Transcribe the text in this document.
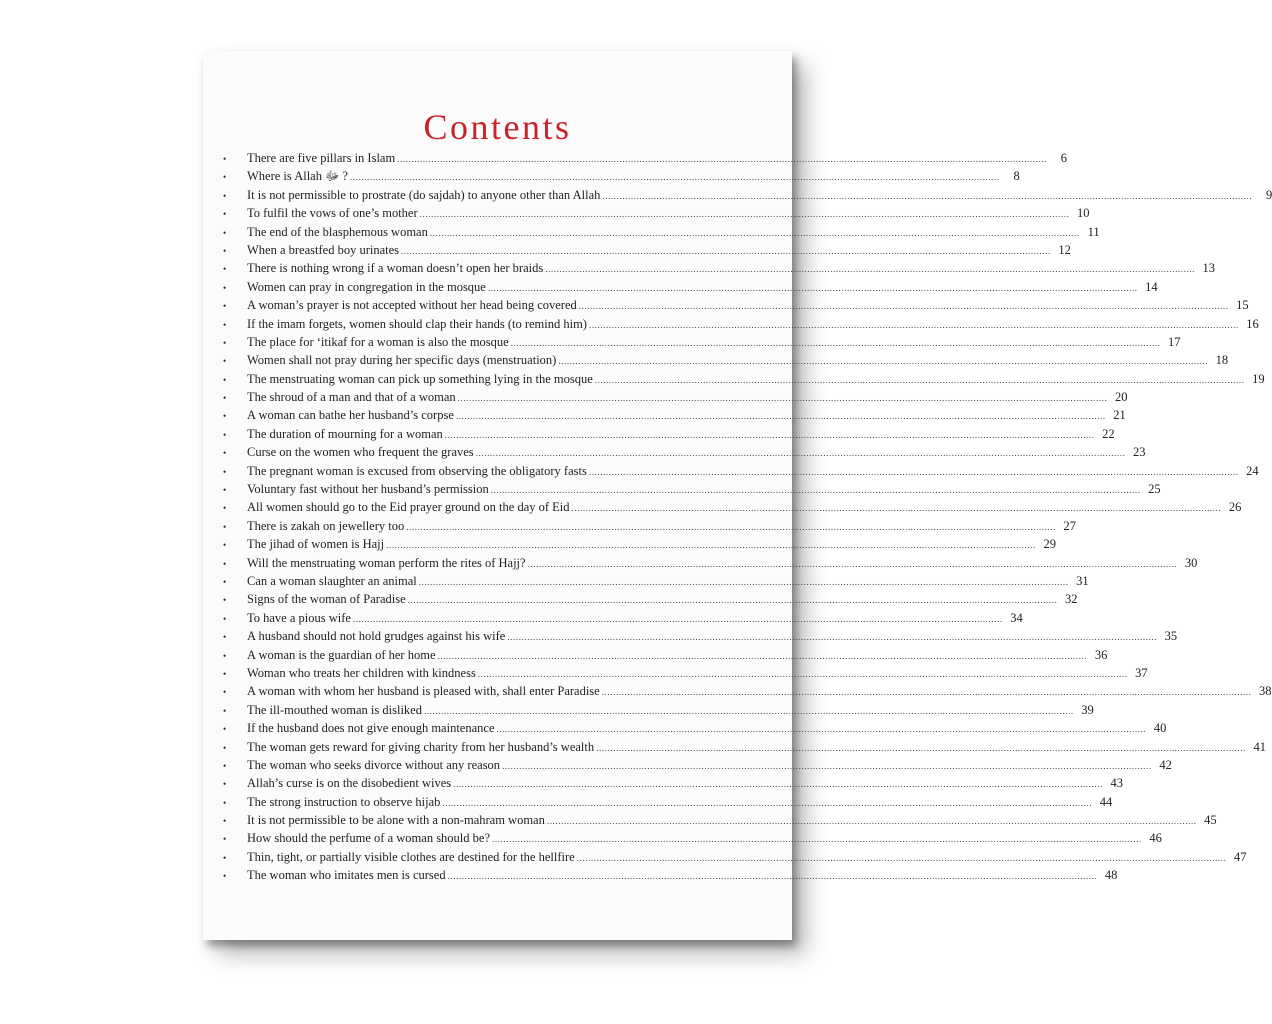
Contents
•	There are five pillars in Islam .....	6
•	Where is Allah ﷻ ? .....	8
•	It is not permissible to prostrate (do sajdah) to anyone other than Allah .....	9
•	To fulfil the vows of one’s mother .....	10
•	The end of the blasphemous woman .....	11
•	When a breastfed boy urinates .....	12
•	There is nothing wrong if a woman doesn’t open her braids .....	13
•	Women can pray in congregation in the mosque .....	14
•	A woman’s prayer is not accepted without her head being covered .....	15
•	If the imam forgets, women should clap their hands (to remind him) .....	16
•	The place for ‘itikaf for a woman is also the mosque .....	17
•	Women shall not pray during her specific days (menstruation) .....	18
•	The menstruating woman can pick up something lying in the mosque .....	19
•	The shroud of a man and that of a woman .....	20
•	A woman can bathe her husband’s corpse .....	21
•	The duration of mourning for a woman .....	22
•	Curse on the women who frequent the graves .....	23
•	The pregnant woman is excused from observing the obligatory fasts .....	24
•	Voluntary fast without her husband’s permission .....	25
•	All women should go to the Eid prayer ground on the day of Eid .....	26
•	There is zakah on jewellery too .....	27
•	The jihad of women is Hajj .....	29
•	Will the menstruating woman perform the rites of Hajj? .....	30
•	Can a woman slaughter an animal .....	31
•	Signs of the woman of Paradise .....	32
•	To have a pious wife .....	34
•	A husband should not hold grudges against his wife .....	35
•	A woman is the guardian of her home .....	36
•	Woman who treats her children with kindness .....	37
•	A woman with whom her husband is pleased with, shall enter Paradise .....	38
•	The ill-mouthed woman is disliked .....	39
•	If the husband does not give enough maintenance .....	40
•	The woman gets reward for giving charity from her husband’s wealth .....	41
•	The woman who seeks divorce without any reason .....	42
•	Allah’s curse is on the disobedient wives .....	43
•	The strong instruction to observe hijab .....	44
•	It is not permissible to be alone with a non-mahram woman .....	45
•	How should the perfume of a woman should be? .....	46
•	Thin, tight, or partially visible clothes are destined for the hellfire .....	47
•	The woman who imitates men is cursed .....	48
